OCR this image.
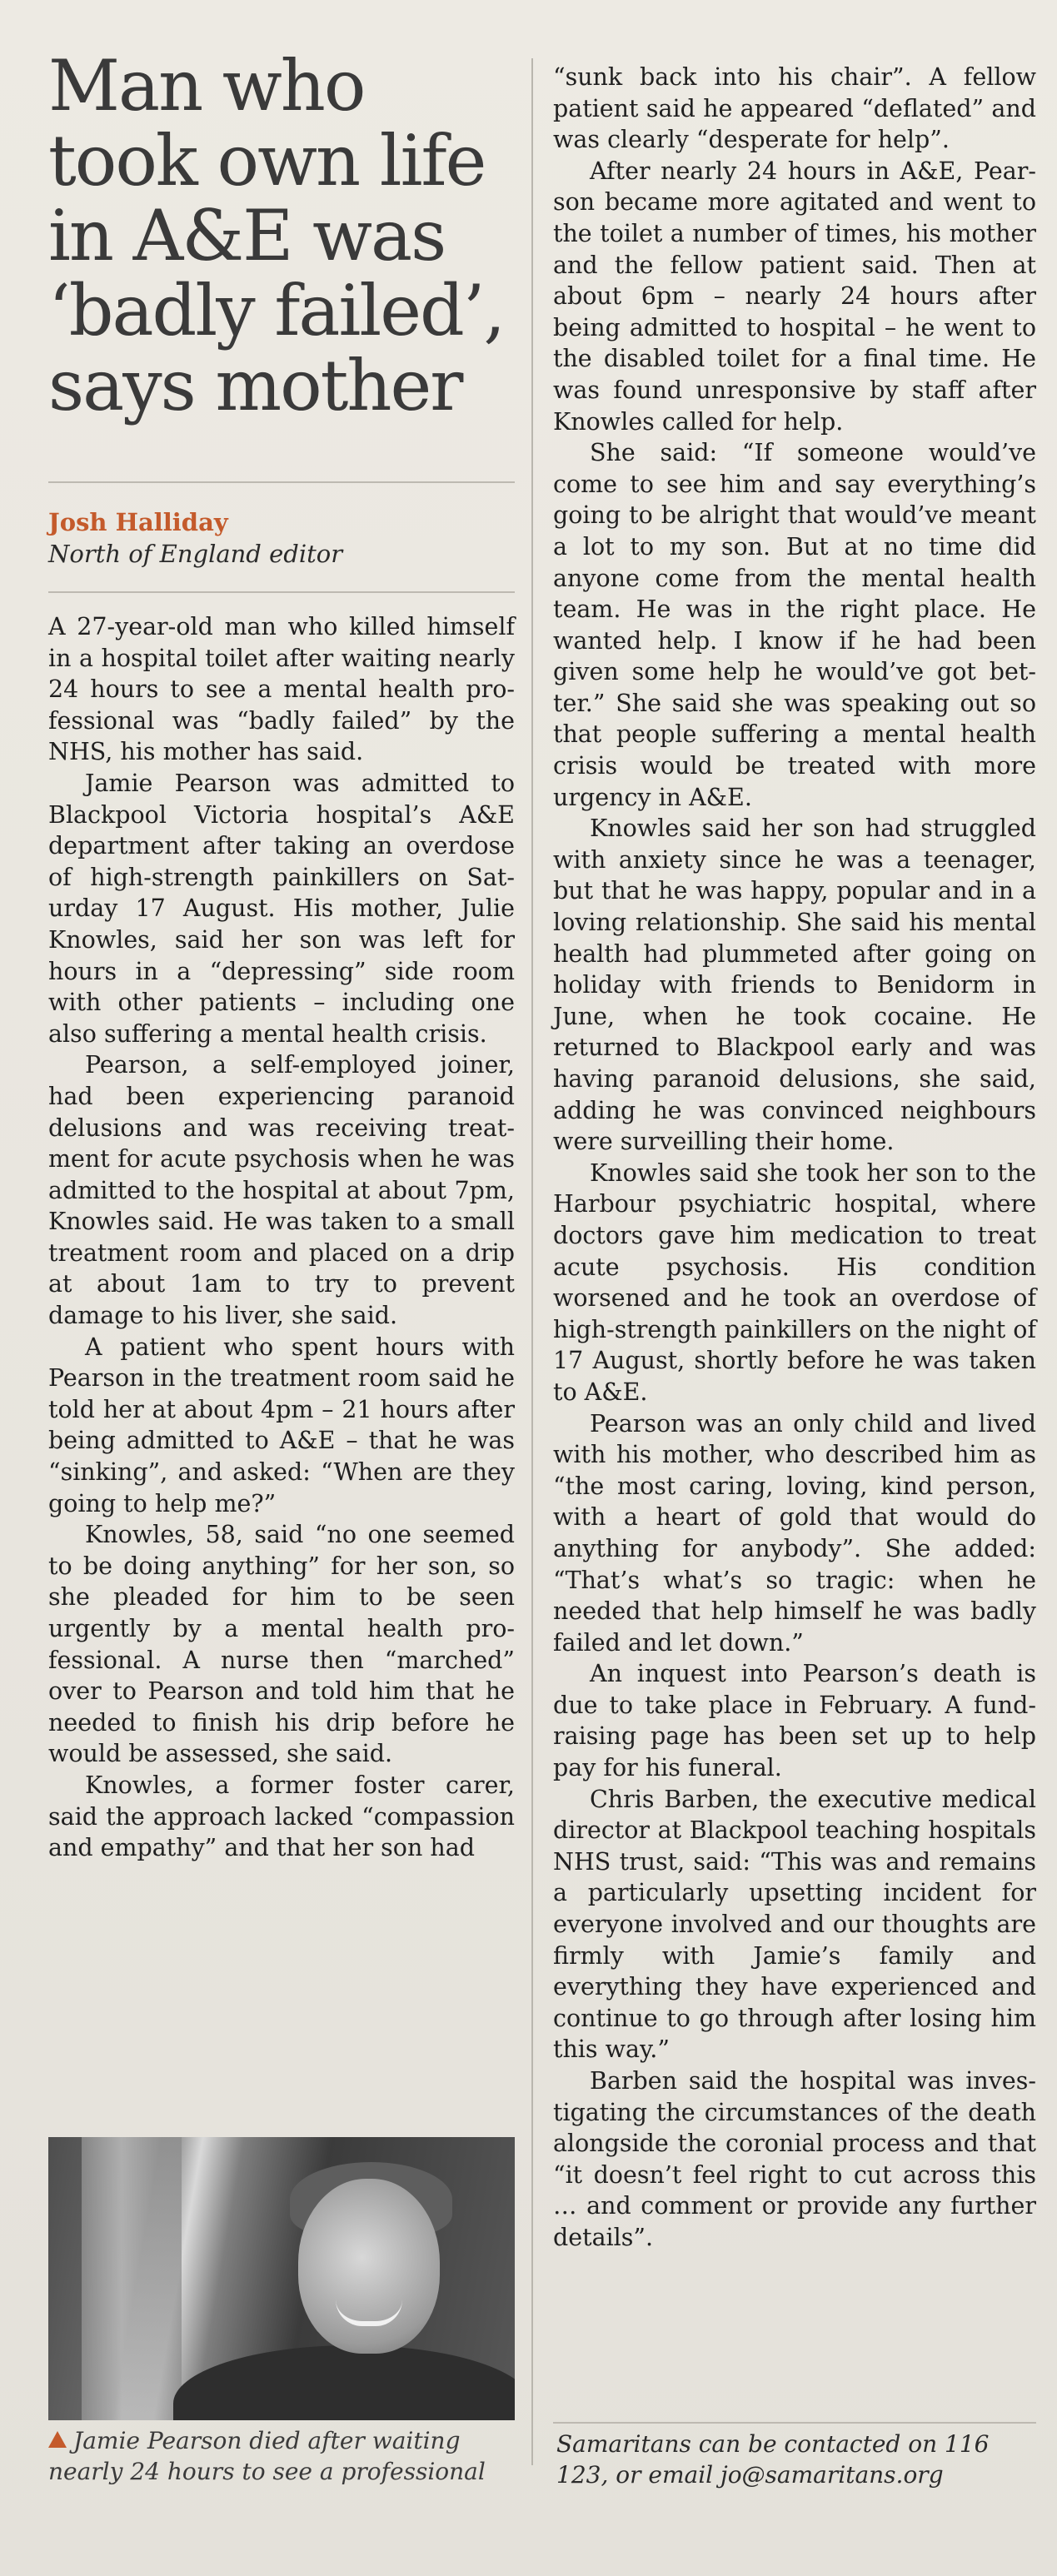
Man who
took own life
in A&E was
‘badly failed’,
says mother
Josh Halliday
North of England editor

A 27-year-old man who killed himself in a hospital toilet after waiting nearly 24 hours to see a mental health professional was “badly failed” by the NHS, his mother has said.

Jamie Pearson was admitted to Blackpool Victoria hospital’s A&E department after taking an overdose of high-strength painkillers on Saturday 17 August. His mother, Julie Knowles, said her son was left for hours in a “depressing” side room with other patients – including one also suffering a mental health crisis.

Pearson, a self-employed joiner, had been experiencing paranoid delusions and was receiving treatment for acute psychosis when he was admitted to the hospital at about 7pm, Knowles said. He was taken to a small treatment room and placed on a drip at about 1am to try to prevent damage to his liver, she said.

A patient who spent hours with Pearson in the treatment room said he told her at about 4pm – 21 hours after being admitted to A&E – that he was “sinking”, and asked: “When are they going to help me?”

Knowles, 58, said “no one seemed to be doing anything” for her son, so she pleaded for him to be seen urgently by a mental health professional. A nurse then “marched” over to Pearson and told him that he needed to finish his drip before he would be assessed, she said.

Knowles, a former foster carer, said the approach lacked “compassion and empathy” and that her son had

Jamie Pearson died after waiting nearly 24 hours to see a professional

“sunk back into his chair”. A fellow patient said he appeared “deflated” and was clearly “desperate for help”.

After nearly 24 hours in A&E, Pearson became more agitated and went to the toilet a number of times, his mother and the fellow patient said. Then at about 6pm – nearly 24 hours after being admitted to hospital – he went to the disabled toilet for a final time. He was found unresponsive by staff after Knowles called for help.

She said: “If someone would’ve come to see him and say everything’s going to be alright that would’ve meant a lot to my son. But at no time did anyone come from the mental health team. He was in the right place. He wanted help. I know if he had been given some help he would’ve got better.” She said she was speaking out so that people suffering a mental health crisis would be treated with more urgency in A&E.

Knowles said her son had struggled with anxiety since he was a teenager, but that he was happy, popular and in a loving relationship. She said his mental health had plummeted after going on holiday with friends to Benidorm in June, when he took cocaine. He returned to Blackpool early and was having paranoid delusions, she said, adding he was convinced neighbours were surveilling their home.

Knowles said she took her son to the Harbour psychiatric hospital, where doctors gave him medication to treat acute psychosis. His condition worsened and he took an overdose of high-strength painkillers on the night of 17 August, shortly before he was taken to A&E.

Pearson was an only child and lived with his mother, who described him as “the most caring, loving, kind person, with a heart of gold that would do anything for anybody”. She added: “That’s what’s so tragic: when he needed that help himself he was badly failed and let down.”

An inquest into Pearson’s death is due to take place in February. A fundraising page has been set up to help pay for his funeral.

Chris Barben, the executive medical director at Blackpool teaching hospitals NHS trust, said: “This was and remains a particularly upsetting incident for everyone involved and our thoughts are firmly with Jamie’s family and everything they have experienced and continue to go through after losing him this way.”

Barben said the hospital was investigating the circumstances of the death alongside the coronial process and that “it doesn’t feel right to cut across this … and comment or provide any further details”.

Samaritans can be contacted on 116 123, or email jo@samaritans.org
